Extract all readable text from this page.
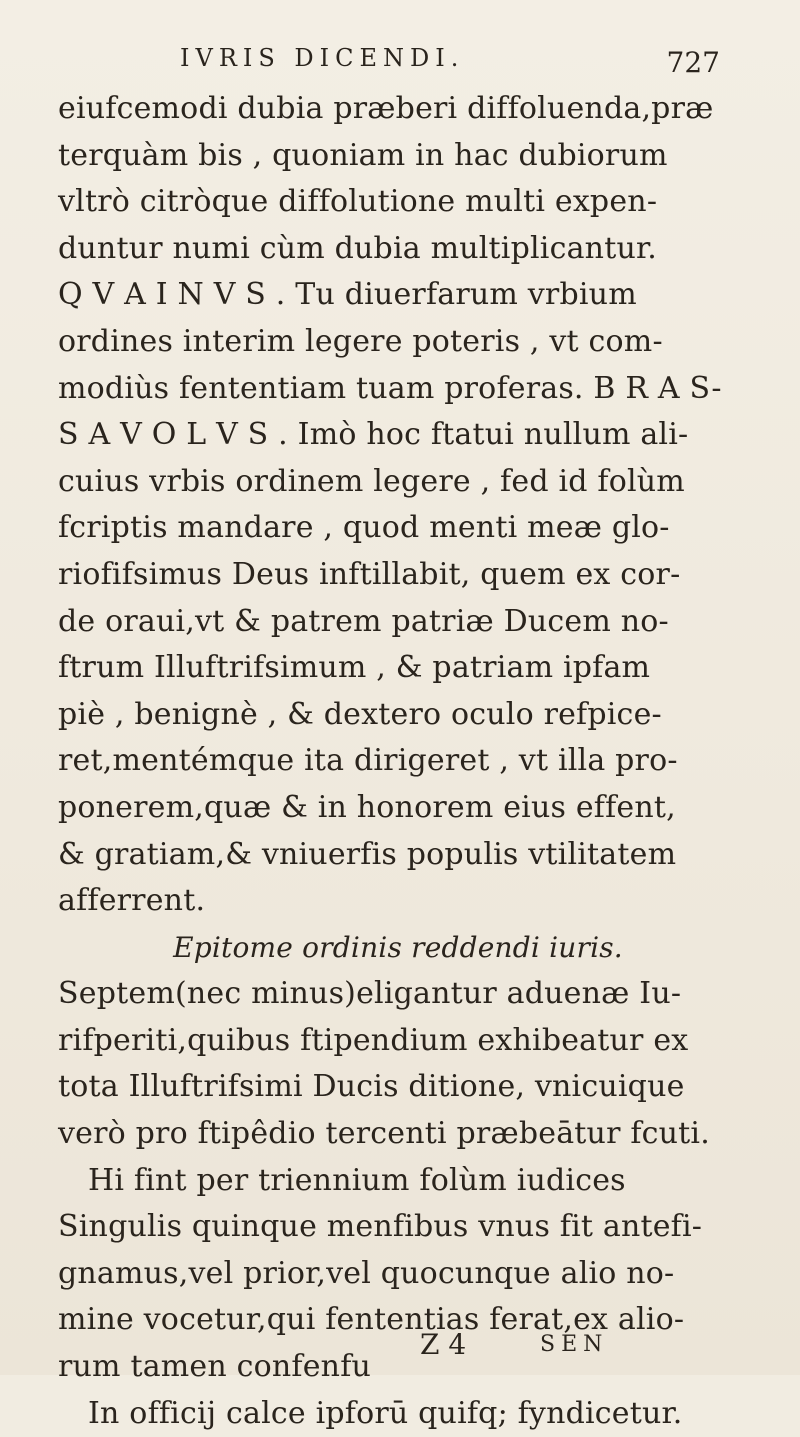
IVRIS DICENDI.	727
eiufcemodi dubia præberi diffoluenda,præ
terquàm bis , quoniam in hac dubiorum
vltrò citròque diffolutione multi expen-
duntur numi cùm dubia multiplicantur.
Q V A I N V S . Tu diuerfarum vrbium
ordines interim legere poteris , vt com-
modiùs fententiam tuam proferas. B R A S-
S A V O L V S . Imò hoc ftatui nullum ali-
cuius vrbis ordinem legere , fed id folùm
fcriptis mandare , quod menti meæ glo-
riofifsimus Deus inftillabit, quem ex cor-
de oraui,vt & patrem patriæ Ducem no-
ftrum Illuftrifsimum , & patriam ipfam
piè , benignè , & dextero oculo refpice-
ret,mentémque ita dirigeret , vt illa pro-
ponerem,quæ & in honorem eius effent,
& gratiam,& vniuerfis populis vtilitatem
afferrent.
Epitome ordinis reddendi iuris.
Septem(nec minus)eligantur aduenæ Iu-
rifperiti,quibus ftipendium exhibeatur ex
tota Illuftrifsimi Ducis ditione, vnicuique
verò pro ftipêdio tercenti præbeātur fcuti.
Hi fint per triennium folùm iudices
Singulis quinque menfibus vnus fit antefi-
gnamus,vel prior,vel quocunque alio no-
mine vocetur,qui fententias ferat,ex alio-
rum tamen confenfu
In officij calce ipforū quifq; fyndicetur.
Z 4	SEN
